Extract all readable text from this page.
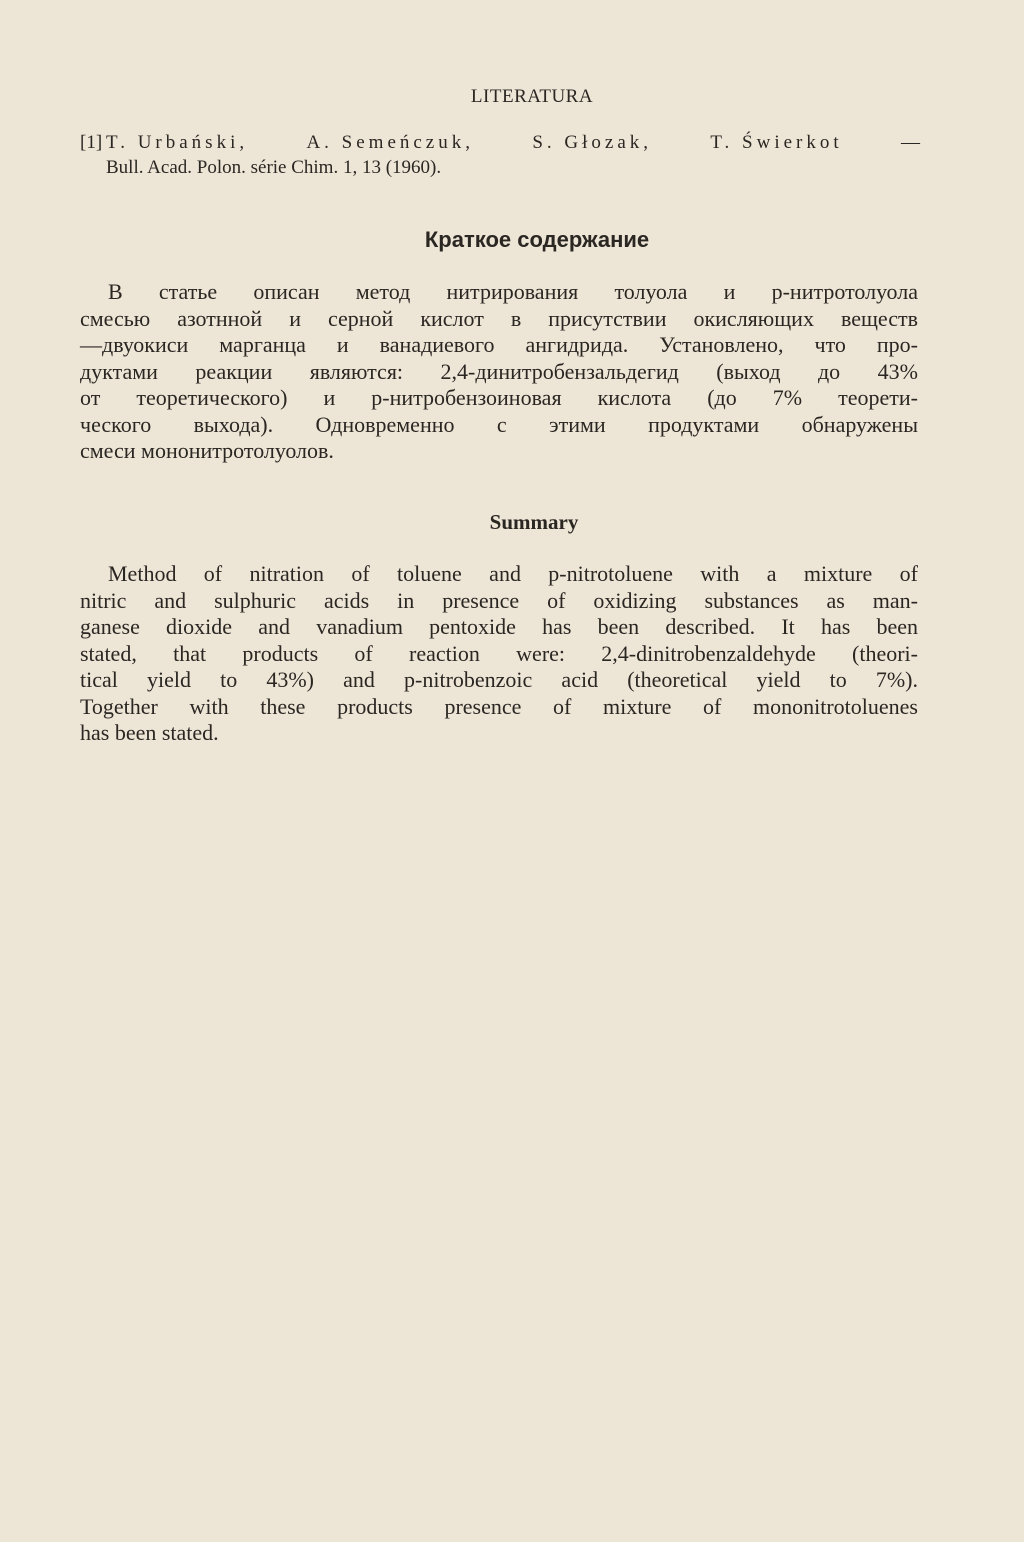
LITERATURA
[1] T. Urbański,	A. Semeńczuk,	S. Głozak,	T. Świerkot	—
Bull. Acad. Polon. série Chim. 1, 13 (1960).
Краткое содержание
В статье описан метод нитрирования толуола и p-нитротолуола
смесью азотнной и серной кислот в присутствии окисляющих веществ
—двуокиси марганца и ванадиевого ангидрида. Установлено, что про-
дуктами реакции являются: 2,4-динитробензальдегид (выход до 43%
от теоретического) и p-нитробензоиновая кислота (до 7% теорети-
ческого выхода). Одновременно с этими продуктами обнаружены
смеси мононитротолуолов.
Summary
Method of nitration of toluene and p-nitrotoluene with a mixture of
nitric and sulphuric acids in presence of oxidizing substances as man-
ganese dioxide and vanadium pentoxide has been described. It has been
stated, that products of reaction were: 2,4-dinitrobenzaldehyde (theori-
tical yield to 43%) and p-nitrobenzoic acid (theoretical yield to 7%).
Together with these products presence of mixture of mononitrotoluenes
has been stated.
